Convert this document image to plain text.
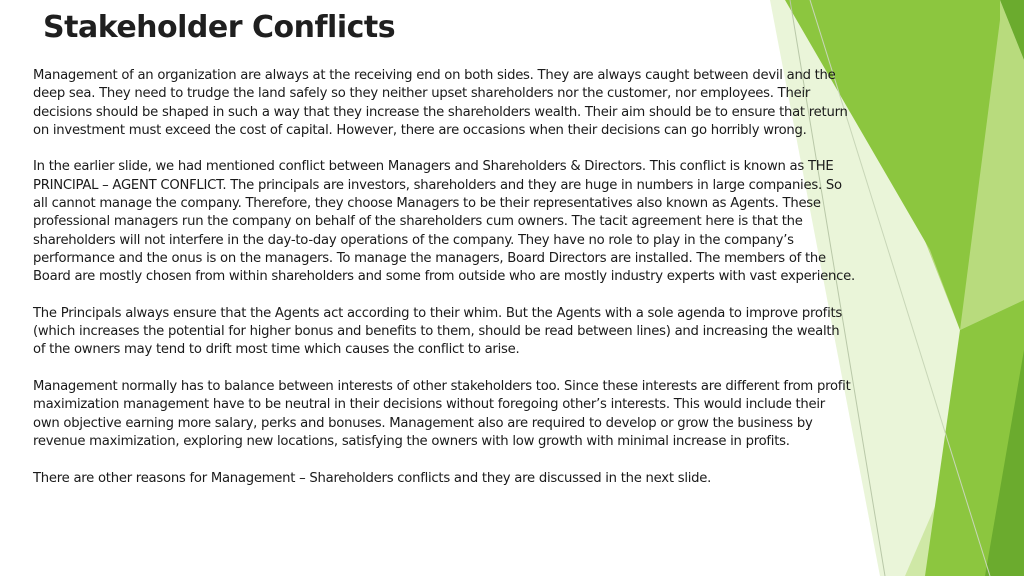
Stakeholder Conflicts

Management of an organization are always at the receiving end on both sides. They are always caught between devil and the deep sea. They need to trudge the land safely so they neither upset shareholders nor the customer, nor employees. Their decisions should be shaped in such a way that they increase the shareholders wealth. Their aim should be to ensure that return on investment must exceed the cost of capital. However, there are occasions when their decisions can go horribly wrong.

In the earlier slide, we had mentioned conflict between Managers and Shareholders & Directors. This conflict is known as THE PRINCIPAL – AGENT CONFLICT. The principals are investors, shareholders and they are huge in numbers in large companies. So all cannot manage the company. Therefore, they choose Managers to be their representatives also known as Agents. These professional managers run the company on behalf of the shareholders cum owners. The tacit agreement here is that the shareholders will not interfere in the day-to-day operations of the company. They have no role to play in the company’s performance and the onus is on the managers. To manage the managers, Board Directors are installed. The members of the Board are mostly chosen from within shareholders and some from outside who are mostly industry experts with vast experience.

The Principals always ensure that the Agents act according to their whim. But the Agents with a sole agenda to improve profits (which increases the potential for higher bonus and benefits to them, should be read between lines) and increasing the wealth of the owners may tend to drift most time which causes the conflict to arise.

Management normally has to balance between interests of other stakeholders too. Since these interests are different from profit maximization management have to be neutral in their decisions without foregoing other’s interests. This would include their own objective earning more salary, perks and bonuses. Management also are required to develop or grow the business by revenue maximization, exploring new locations, satisfying the owners with low growth with minimal increase in profits.

There are other reasons for Management – Shareholders conflicts and they are discussed in the next slide.
